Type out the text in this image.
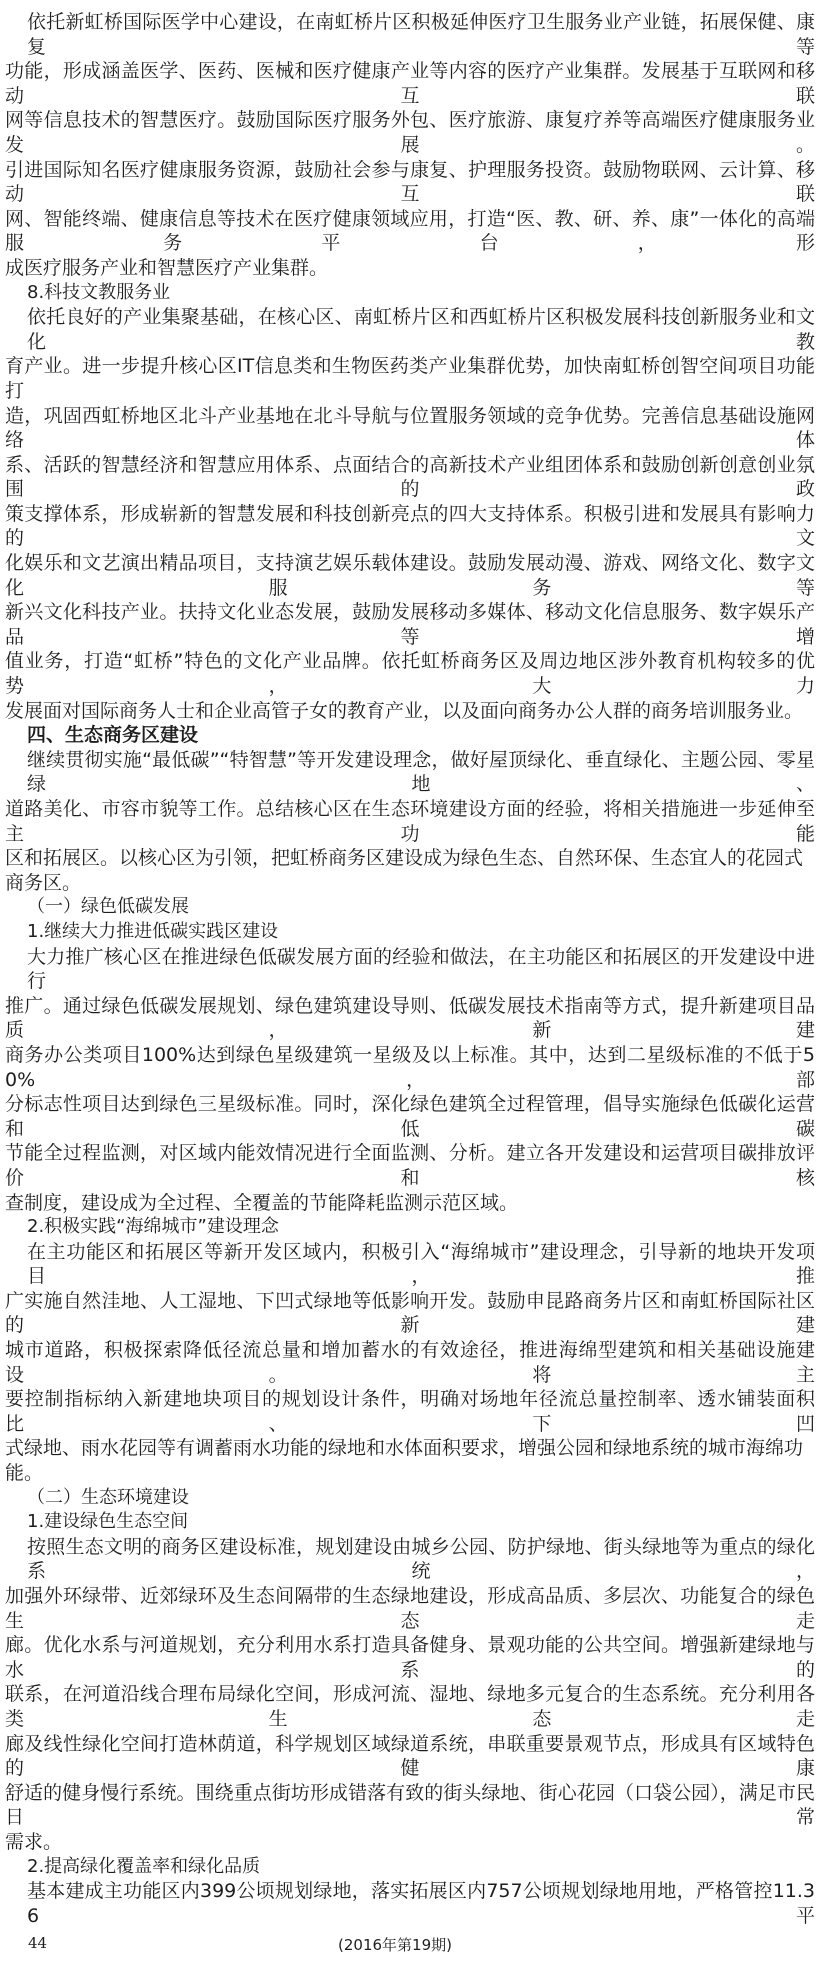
依托新虹桥国际医学中心建设，在南虹桥片区积极延伸医疗卫生服务业产业链，拓展保健、康复等
功能，形成涵盖医学、医药、医械和医疗健康产业等内容的医疗产业集群。发展基于互联网和移动互联
网等信息技术的智慧医疗。鼓励国际医疗服务外包、医疗旅游、康复疗养等高端医疗健康服务业发展。
引进国际知名医疗健康服务资源，鼓励社会参与康复、护理服务投资。鼓励物联网、云计算、移动互联
网、智能终端、健康信息等技术在医疗健康领域应用，打造“医、教、研、养、康”一体化的高端服务平台，形
成医疗服务产业和智慧医疗产业集群。
8.科技文教服务业
依托良好的产业集聚基础，在核心区、南虹桥片区和西虹桥片区积极发展科技创新服务业和文化教
育产业。进一步提升核心区IT信息类和生物医药类产业集群优势，加快南虹桥创智空间项目功能打
造，巩固西虹桥地区北斗产业基地在北斗导航与位置服务领域的竞争优势。完善信息基础设施网络体
系、活跃的智慧经济和智慧应用体系、点面结合的高新技术产业组团体系和鼓励创新创意创业氛围的政
策支撑体系，形成崭新的智慧发展和科技创新亮点的四大支持体系。积极引进和发展具有影响力的文
化娱乐和文艺演出精品项目，支持演艺娱乐载体建设。鼓励发展动漫、游戏、网络文化、数字文化服务等
新兴文化科技产业。扶持文化业态发展，鼓励发展移动多媒体、移动文化信息服务、数字娱乐产品等增
值业务，打造“虹桥”特色的文化产业品牌。依托虹桥商务区及周边地区涉外教育机构较多的优势，大力
发展面对国际商务人士和企业高管子女的教育产业，以及面向商务办公人群的商务培训服务业。
四、生态商务区建设
继续贯彻实施“最低碳”“特智慧”等开发建设理念，做好屋顶绿化、垂直绿化、主题公园、零星绿地、
道路美化、市容市貌等工作。总结核心区在生态环境建设方面的经验，将相关措施进一步延伸至主功能
区和拓展区。以核心区为引领，把虹桥商务区建设成为绿色生态、自然环保、生态宜人的花园式商务区。
（一）绿色低碳发展
1.继续大力推进低碳实践区建设
大力推广核心区在推进绿色低碳发展方面的经验和做法，在主功能区和拓展区的开发建设中进行
推广。通过绿色低碳发展规划、绿色建筑建设导则、低碳发展技术指南等方式，提升新建项目品质，新建
商务办公类项目100%达到绿色星级建筑一星级及以上标准。其中，达到二星级标准的不低于50%，部
分标志性项目达到绿色三星级标准。同时，深化绿色建筑全过程管理，倡导实施绿色低碳化运营和低碳
节能全过程监测，对区域内能效情况进行全面监测、分析。建立各开发建设和运营项目碳排放评价和核
查制度，建设成为全过程、全覆盖的节能降耗监测示范区域。
2.积极实践“海绵城市”建设理念
在主功能区和拓展区等新开发区域内，积极引入“海绵城市”建设理念，引导新的地块开发项目，推
广实施自然洼地、人工湿地、下凹式绿地等低影响开发。鼓励申昆路商务片区和南虹桥国际社区的新建
城市道路，积极探索降低径流总量和增加蓄水的有效途径，推进海绵型建筑和相关基础设施建设。将主
要控制指标纳入新建地块项目的规划设计条件，明确对场地年径流总量控制率、透水铺装面积比、下凹
式绿地、雨水花园等有调蓄雨水功能的绿地和水体面积要求，增强公园和绿地系统的城市海绵功能。
（二）生态环境建设
1.建设绿色生态空间
按照生态文明的商务区建设标准，规划建设由城乡公园、防护绿地、街头绿地等为重点的绿化系统，
加强外环绿带、近郊绿环及生态间隔带的生态绿地建设，形成高品质、多层次、功能复合的绿色生态走
廊。优化水系与河道规划，充分利用水系打造具备健身、景观功能的公共空间。增强新建绿地与水系的
联系，在河道沿线合理布局绿化空间，形成河流、湿地、绿地多元复合的生态系统。充分利用各类生态走
廊及线性绿化空间打造林荫道，科学规划区域绿道系统，串联重要景观节点，形成具有区域特色的健康
舒适的健身慢行系统。围绕重点街坊形成错落有致的街头绿地、街心花园（口袋公园），满足市民日常
需求。
2.提高绿化覆盖率和绿化品质
基本建成主功能区内399公顷规划绿地，落实拓展区内757公顷规划绿地用地，严格管控11.36平
44	(2016年第19期)
